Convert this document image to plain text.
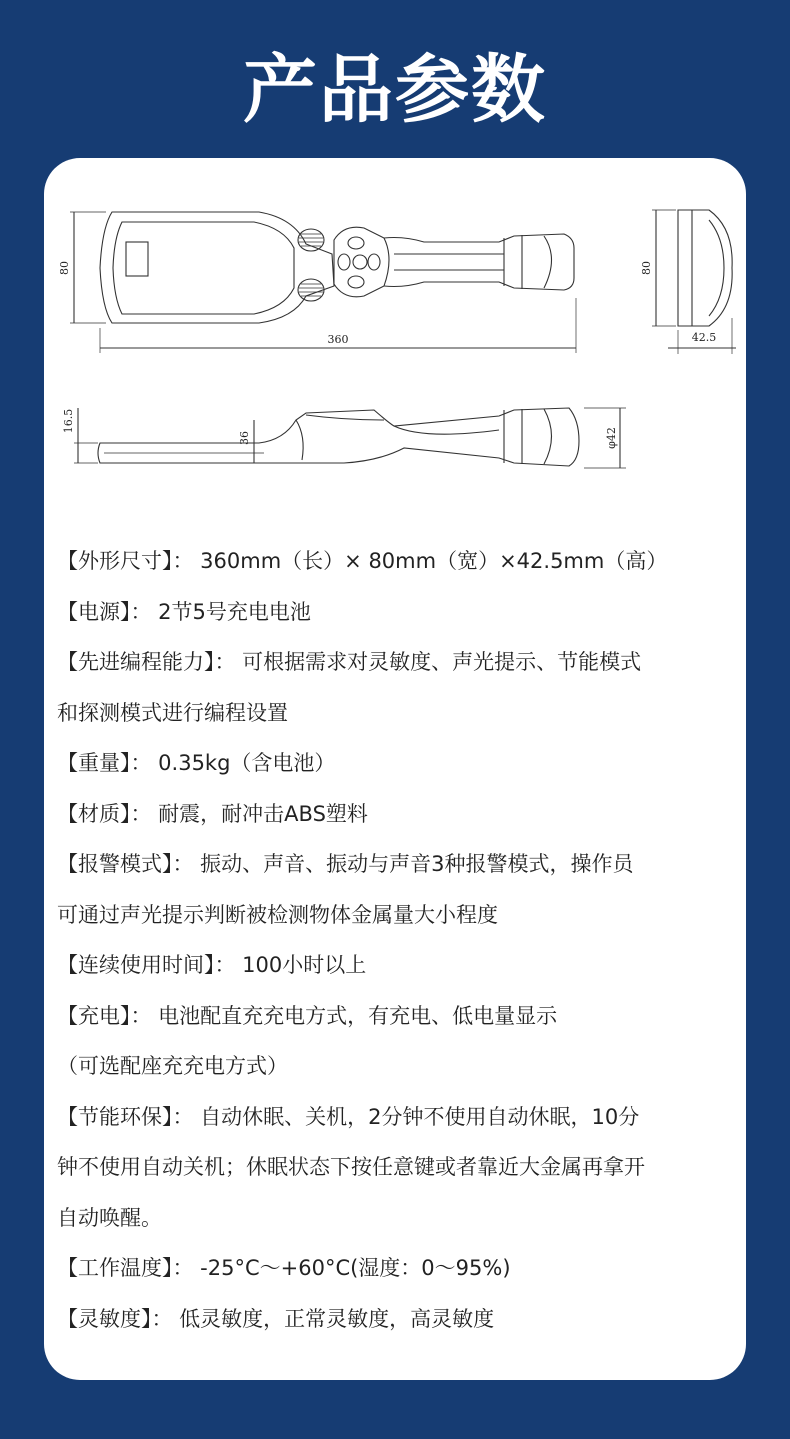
产品参数
80
360
80
42.5
16.5
36	φ42
【外形尺寸】： 360mm（长）× 80mm（宽）×42.5mm（高）
【电源】： 2节5号充电电池
【先进编程能力】： 可根据需求对灵敏度、声光提示、节能模式
和探测模式进行编程设置
【重量】： 0.35kg（含电池）
【材质】： 耐震，耐冲击ABS塑料
【报警模式】： 振动、声音、振动与声音3种报警模式，操作员
可通过声光提示判断被检测物体金属量大小程度
【连续使用时间】： 100小时以上
【充电】： 电池配直充充电方式，有充电、低电量显示
（可选配座充充电方式）
【节能环保】： 自动休眠、关机，2分钟不使用自动休眠，10分
钟不使用自动关机；休眠状态下按任意键或者靠近大金属再拿开
自动唤醒。
【工作温度】： -25°C～+60°C(湿度：0～95%)
【灵敏度】： 低灵敏度，正常灵敏度，高灵敏度
